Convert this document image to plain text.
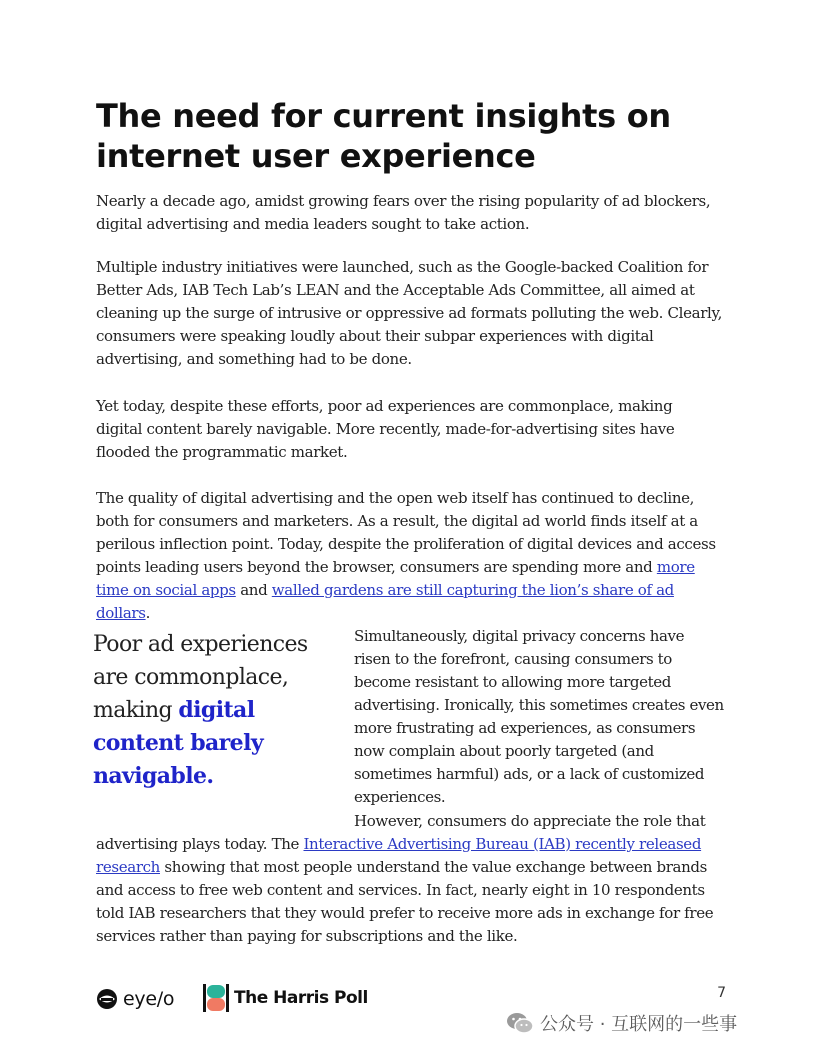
The need for current insights on internet user experience

Nearly a decade ago, amidst growing fears over the rising popularity of ad blockers, digital advertising and media leaders sought to take action.

Multiple industry initiatives were launched, such as the Google-backed Coalition for Better Ads, IAB Tech Lab’s LEAN and the Acceptable Ads Committee, all aimed at cleaning up the surge of intrusive or oppressive ad formats polluting the web. Clearly, consumers were speaking loudly about their subpar experiences with digital advertising, and something had to be done.

Yet today, despite these efforts, poor ad experiences are commonplace, making digital content barely navigable. More recently, made-for-advertising sites have flooded the programmatic market.

The quality of digital advertising and the open web itself has continued to decline, both for consumers and marketers. As a result, the digital ad world finds itself at a perilous inflection point. Today, despite the proliferation of digital devices and access points leading users beyond the browser, consumers are spending more and more time on social apps and walled gardens are still capturing the lion’s share of ad dollars.

Poor ad experiences are commonplace, making digital content barely navigable.

Simultaneously, digital privacy concerns have risen to the forefront, causing consumers to become resistant to allowing more targeted advertising. Ironically, this sometimes creates even more frustrating ad experiences, as consumers now complain about poorly targeted (and sometimes harmful) ads, or a lack of customized experiences.

However, consumers do appreciate the role that

advertising plays today. The Interactive Advertising Bureau (IAB) recently released research showing that most people understand the value exchange between brands and access to free web content and services. In fact, nearly eight in 10 respondents told IAB researchers that they would prefer to receive more ads in exchange for free services rather than paying for subscriptions and the like.

eye/o	The Harris Poll	7
公众号 · 互联网的一些事
